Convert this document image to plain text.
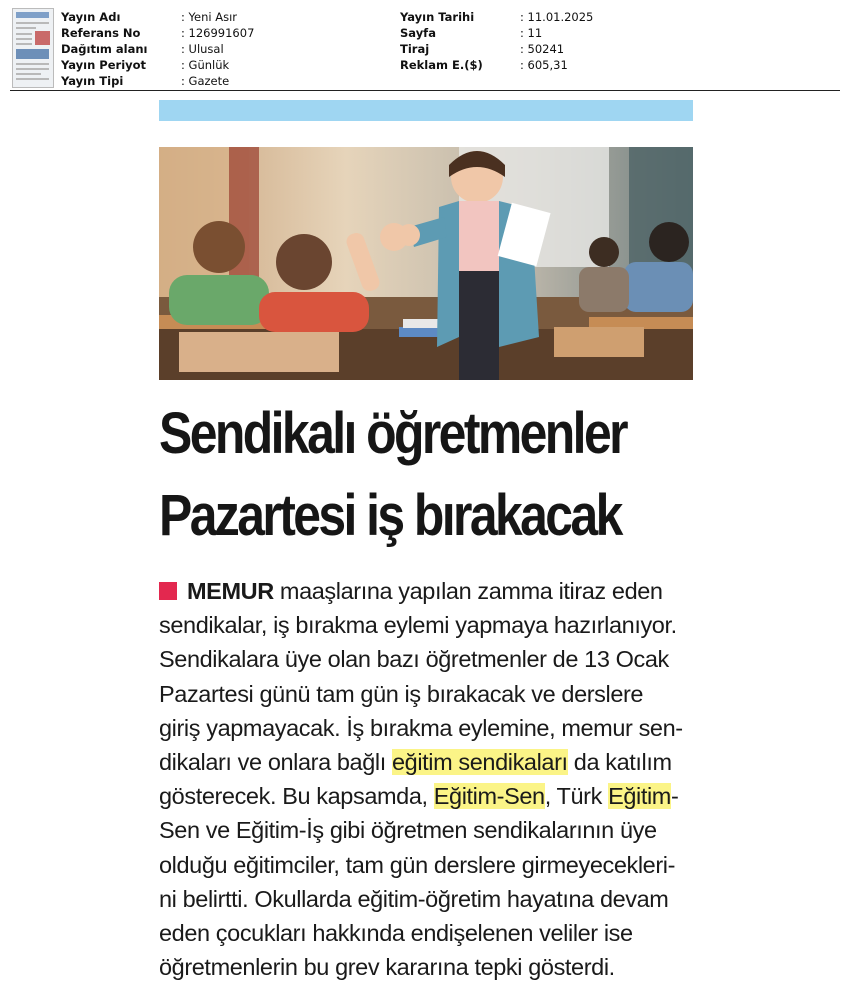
Yayın Adı	: Yeni Asır
Referans No	: 126991607
Dağıtım alanı	: Ulusal
Yayın Periyot	: Günlük
Yayın Tipi	: Gazete
Yayın Tarihi	: 11.01.2025
Sayfa	: 11
Tiraj	: 50241
Reklam E.($)	: 605,31
Sendikalı öğretmenler
Pazartesi iş bırakacak
MEMUR maaşlarına yapılan zamma itiraz eden
sendikalar, iş bırakma eylemi yapmaya hazırlanıyor.
Sendikalara üye olan bazı öğretmenler de 13 Ocak
Pazartesi günü tam gün iş bırakacak ve derslere
giriş yapmayacak. İş bırakma eylemine, memur sen-
dikaları ve onlara bağlı eğitim sendikaları da katılım
gösterecek. Bu kapsamda, Eğitim-Sen, Türk Eğitim-
Sen ve Eğitim-İş gibi öğretmen sendikalarının üye
olduğu eğitimciler, tam gün derslere girmeyecekleri-
ni belirtti. Okullarda eğitim-öğretim hayatına devam
eden çocukları hakkında endişelenen veliler ise
öğretmenlerin bu grev kararına tepki gösterdi.
